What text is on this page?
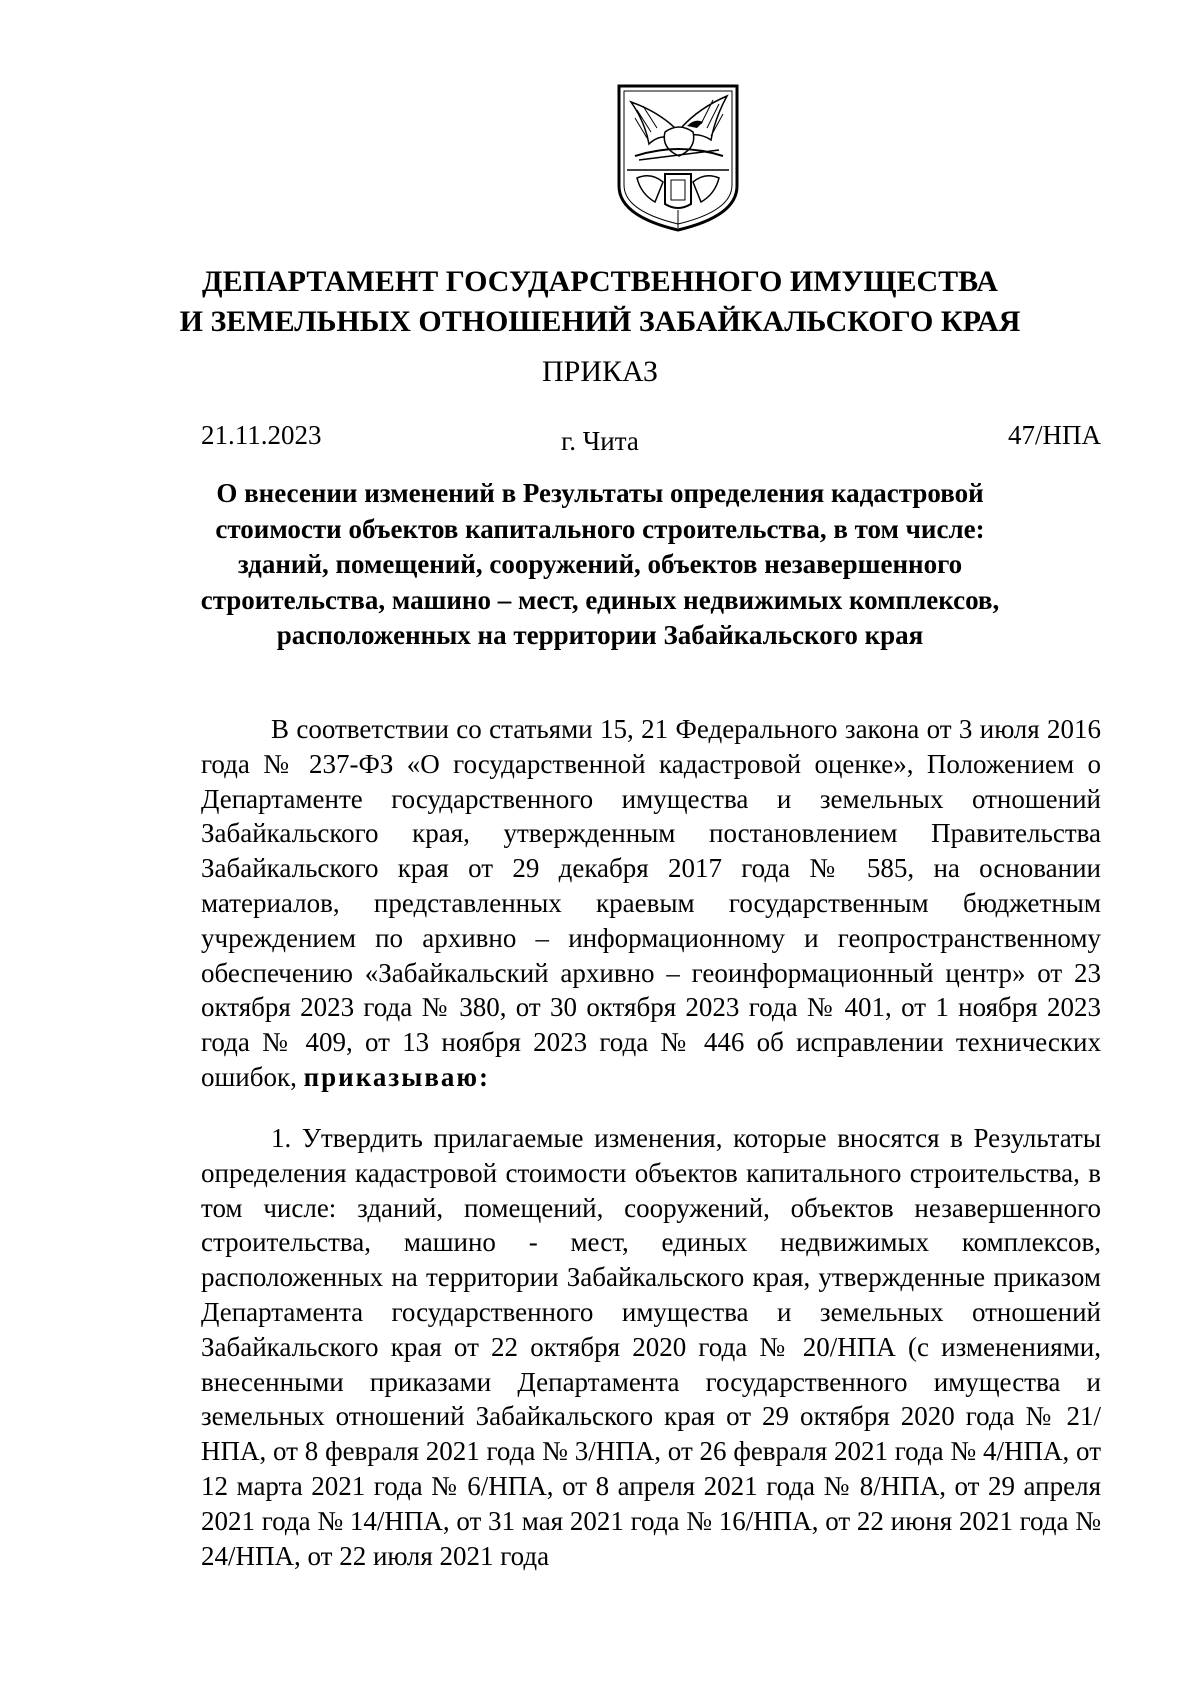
ДЕПАРТАМЕНТ ГОСУДАРСТВЕННОГО ИМУЩЕСТВА
И ЗЕМЕЛЬНЫХ ОТНОШЕНИЙ ЗАБАЙКАЛЬСКОГО КРАЯ
ПРИКАЗ
21.11.2023	г. Чита	47/НПА
О внесении изменений в Результаты определения кадастровой стоимости объектов капитального строительства, в том числе: зданий, помещений, сооружений, объектов незавершенного строительства, машино – мест, единых недвижимых комплексов, расположенных на территории Забайкальского края
В соответствии со статьями 15, 21 Федерального закона от 3 июля 2016 года № 237-ФЗ «О государственной кадастровой оценке», Положением о Департаменте государственного имущества и земельных отношений Забайкальского края, утвержденным постановлением Правительства Забайкальского края от 29 декабря 2017 года № 585, на основании материалов, представленных краевым государственным бюджетным учреждением по архивно – информационному и геопространственному обеспечению «Забайкальский архивно – геоинформационный центр» от 23 октября 2023 года № 380, от 30 октября 2023 года № 401, от 1 ноября 2023 года № 409, от 13 ноября 2023 года № 446 об исправлении технических ошибок, приказываю:
1. Утвердить прилагаемые изменения, которые вносятся в Результаты определения кадастровой стоимости объектов капитального строительства, в том числе: зданий, помещений, сооружений, объектов незавершенного строительства, машино - мест, единых недвижимых комплексов, расположенных на территории Забайкальского края, утвержденные приказом Департамента государственного имущества и земельных отношений Забайкальского края от 22 октября 2020 года № 20/НПА (с изменениями, внесенными приказами Департамента государственного имущества и земельных отношений Забайкальского края от 29 октября 2020 года № 21/НПА, от 8 февраля 2021 года № 3/НПА, от 26 февраля 2021 года № 4/НПА, от 12 марта 2021 года № 6/НПА, от 8 апреля 2021 года № 8/НПА, от 29 апреля 2021 года № 14/НПА, от 31 мая 2021 года № 16/НПА, от 22 июня 2021 года № 24/НПА, от 22 июля 2021 года
